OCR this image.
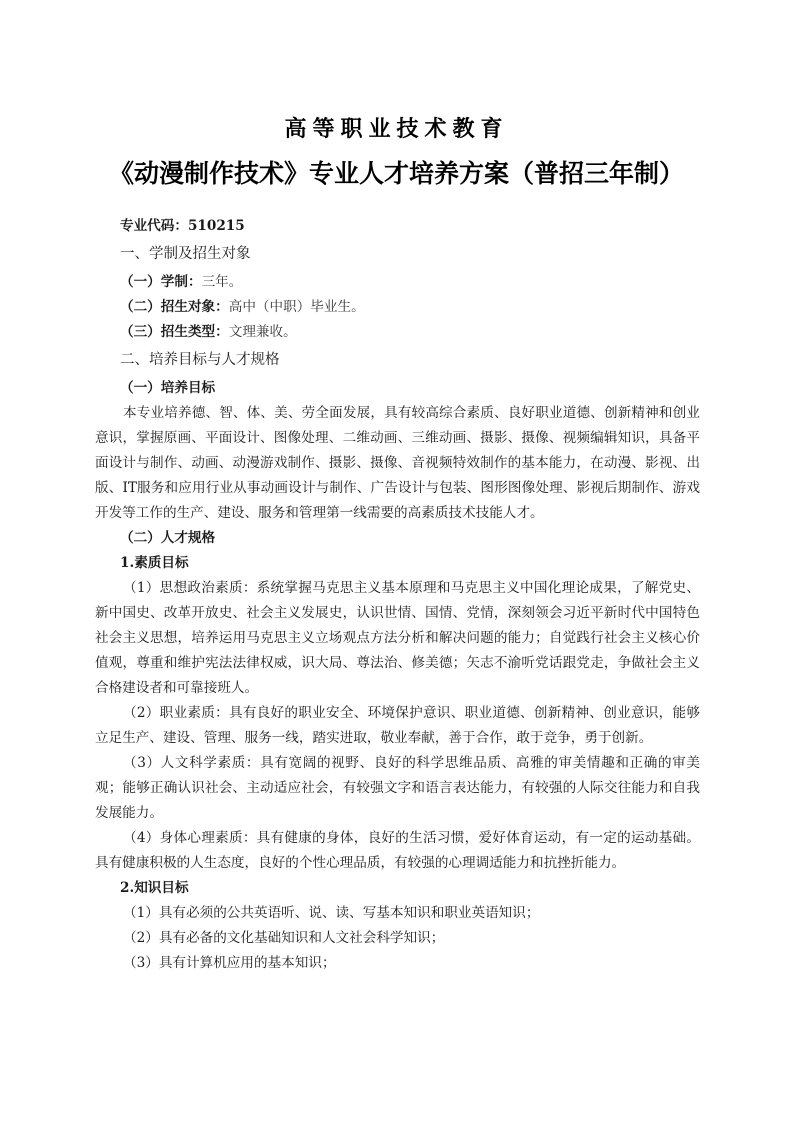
高等职业技术教育
《动漫制作技术》专业人才培养方案（普招三年制）
专业代码：510215
一、学制及招生对象
（一）学制：三年。
（二）招生对象：高中（中职）毕业生。
（三）招生类型：文理兼收。
二、培养目标与人才规格
（一）培养目标
本专业培养德、智、体、美、劳全面发展，具有较高综合素质、良好职业道德、创新精神和创业意识，掌握原画、平面设计、图像处理、二维动画、三维动画、摄影、摄像、视频编辑知识，具备平面设计与制作、动画、动漫游戏制作、摄影、摄像、音视频特效制作的基本能力，在动漫、影视、出版、IT服务和应用行业从事动画设计与制作、广告设计与包装、图形图像处理、影视后期制作、游戏开发等工作的生产、建设、服务和管理第一线需要的高素质技术技能人才。
（二）人才规格
1.素质目标
（1）思想政治素质：系统掌握马克思主义基本原理和马克思主义中国化理论成果，了解党史、新中国史、改革开放史、社会主义发展史，认识世情、国情、党情，深刻领会习近平新时代中国特色社会主义思想，培养运用马克思主义立场观点方法分析和解决问题的能力；自觉践行社会主义核心价值观，尊重和维护宪法法律权威，识大局、尊法治、修美德；矢志不渝听党话跟党走，争做社会主义合格建设者和可靠接班人。
（2）职业素质：具有良好的职业安全、环境保护意识、职业道德、创新精神、创业意识，能够立足生产、建设、管理、服务一线，踏实进取，敬业奉献，善于合作，敢于竞争，勇于创新。
（3）人文科学素质：具有宽阔的视野、良好的科学思维品质、高雅的审美情趣和正确的审美观；能够正确认识社会、主动适应社会，有较强文字和语言表达能力，有较强的人际交往能力和自我发展能力。
（4）身体心理素质：具有健康的身体，良好的生活习惯，爱好体育运动，有一定的运动基础。具有健康积极的人生态度，良好的个性心理品质，有较强的心理调适能力和抗挫折能力。
2.知识目标
（1）具有必须的公共英语听、说、读、写基本知识和职业英语知识；
（2）具有必备的文化基础知识和人文社会科学知识；
（3）具有计算机应用的基本知识；
